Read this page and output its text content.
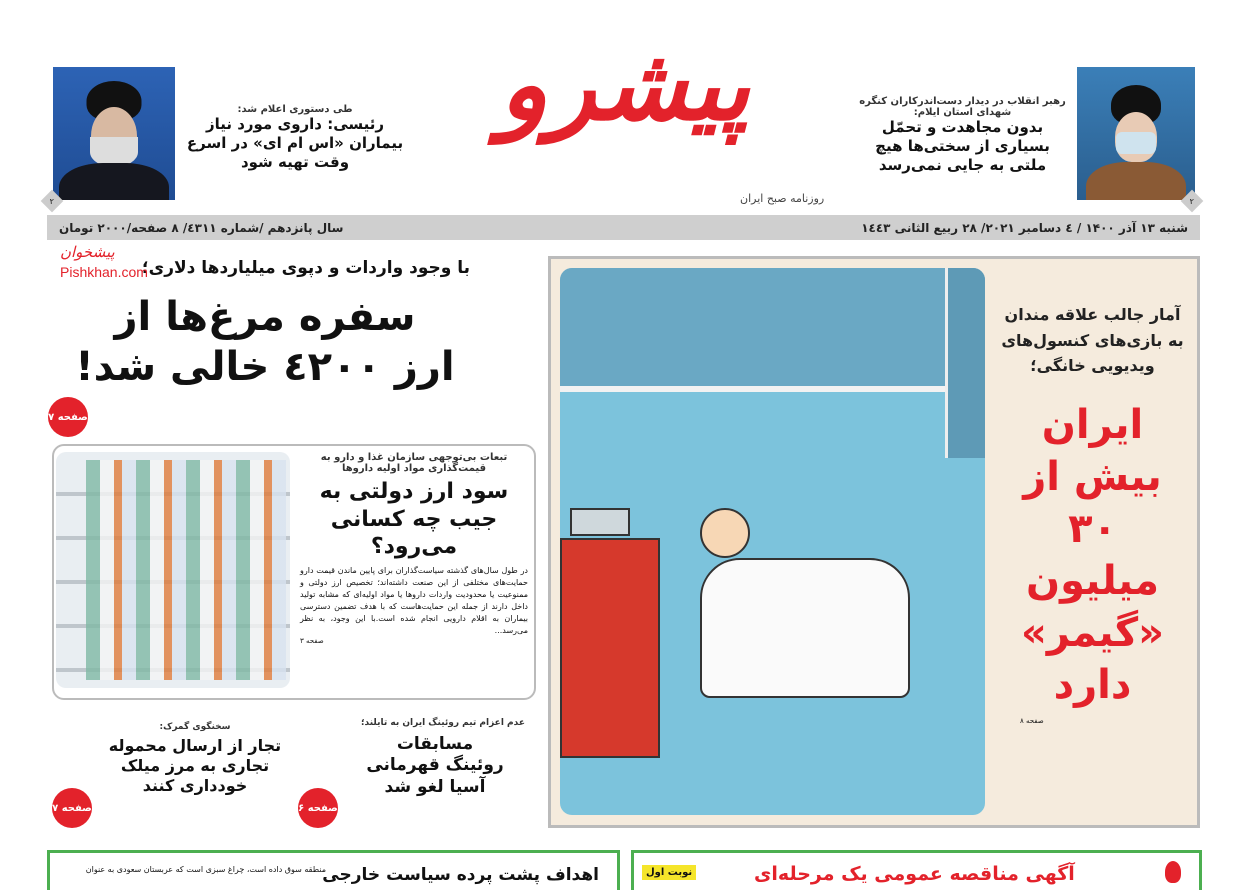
پیشرو
روزنامه صبح ایران	۲
رهبر انقلاب در دیدار دست‌اندرکاران کنگره شهدای استان ایلام:
بدون مجاهدت و تحمّل بسیاری از سختی‌ها هیچ ملتی به جایی نمی‌رسد
۲
طی دستوری اعلام شد:
رئیسی: داروی مورد نیاز بیماران «اس ام ای» در اسرع وقت تهیه شود
سال پانزدهم /شماره ٤۳۱۱/ ۸ صفحه/۲۰۰۰ تومان	شنبه ۱۳ آذر ۱۴۰۰ / ٤ دسامبر ۲۰۲۱/ ۲۸ ربیع الثانی ۱٤٤۳
با وجود واردات و دپوی میلیاردها دلاری؛
سفره مرغ‌ها از
ارز ٤۲۰۰ خالی شد!
پیشخوان
Pishkhan.com
صفحه ۷
تبعات بی‌توجهی سازمان غذا و دارو به قیمت‌گذاری مواد اولیه داروها
سود ارز دولتی به جیب چه کسانی می‌رود؟
در طول سال‌های گذشته سیاست‌گذاران برای پایین ماندن قیمت دارو حمایت‌های مختلفی از این صنعت داشته‌اند؛ تخصیص ارز دولتی و ممنوعیت یا محدودیت واردات داروها یا مواد اولیه‌ای که مشابه تولید داخل دارند از جمله این حمایت‌هاست که با هدف تضمین دسترسی بیماران به اقلام دارویی انجام شده است.با این وجود، به نظر می‌رسد...
صفحه ۳
عدم اعزام تیم روئینگ ایران به تایلند؛
مسابقات روئینگ قهرمانی آسیا لغو شد
صفحه ۶
سخنگوی گمرک:
تجار از ارسال محموله تجاری به مرز میلک خودداری کنند
صفحه ۷
آمار جالب علاقه مندان به بازی‌های کنسول‌های ویدیویی خانگی؛
ایران بیش از ۳۰ میلیون «گیمر» دارد
صفحه ۸
منطقه سوق داده است، چراغ سبزی است که عربستان سعودی به عنوان
اهداف پشت پرده سیاست خارجی	نوبت اول	آگهی مناقصه عمومی یک مرحله‌ای
